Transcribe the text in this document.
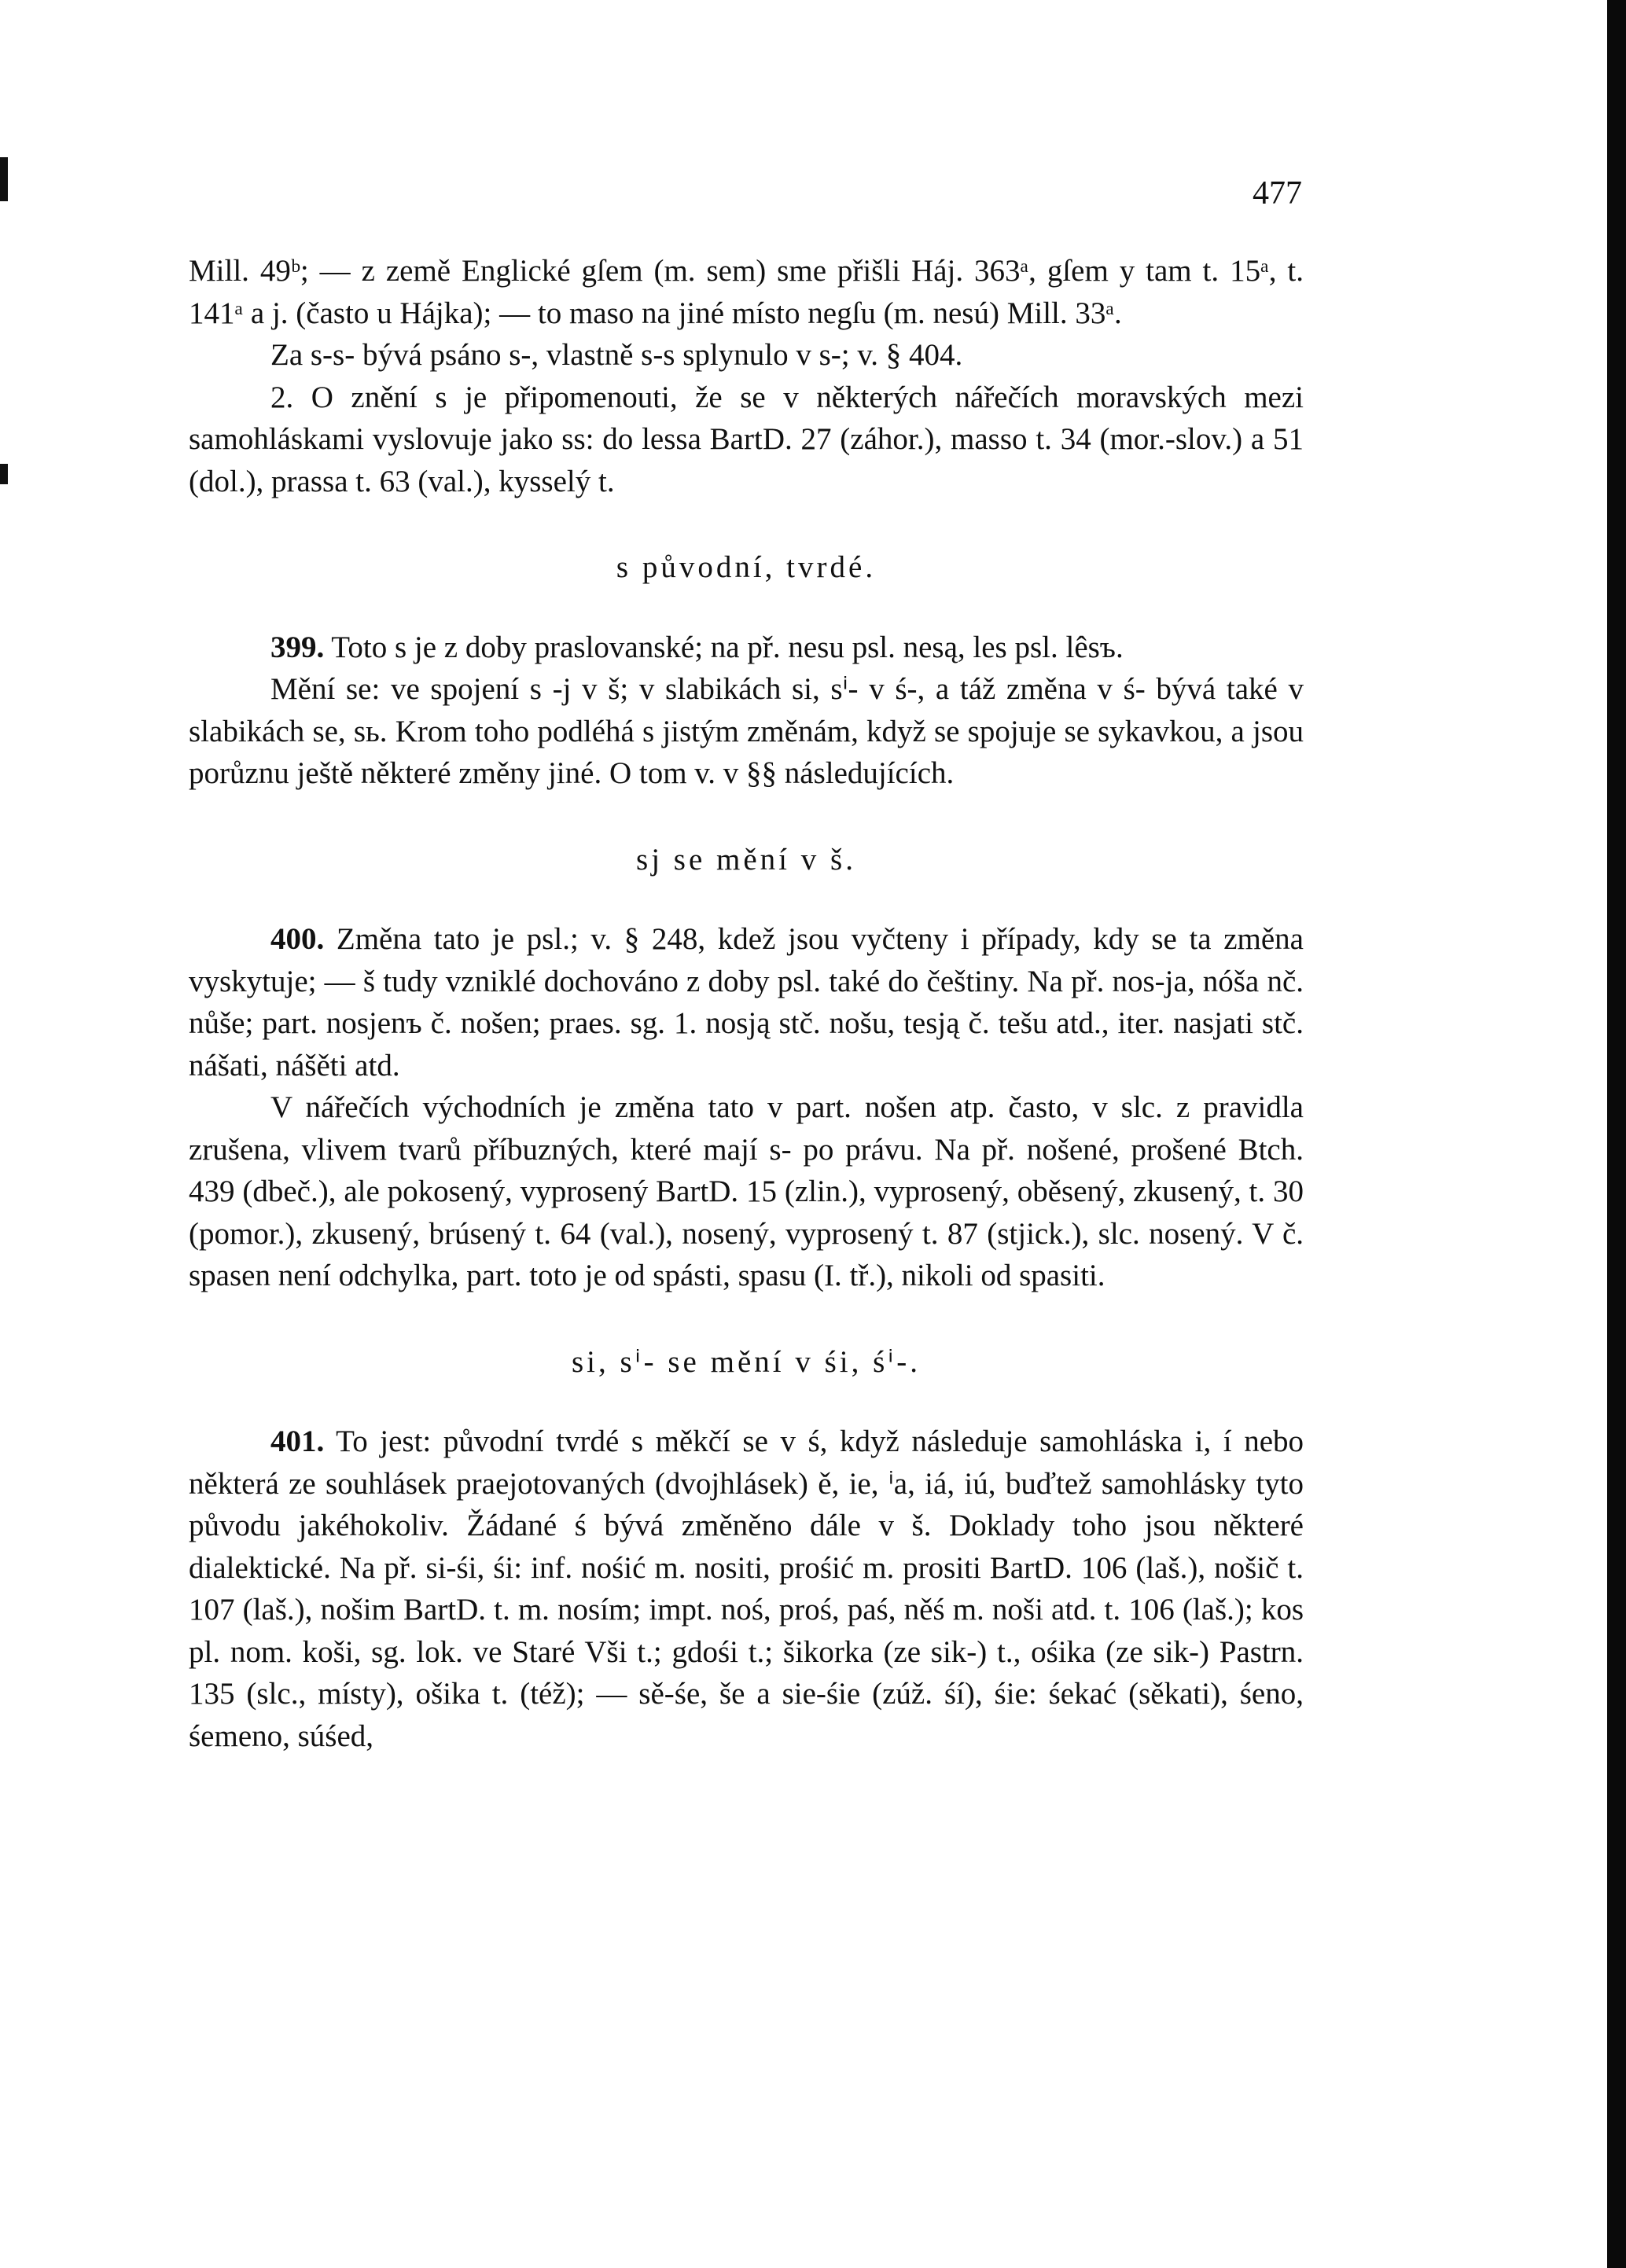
477

Mill. 49ᵇ; — z země Englické gſem (m. sem) sme přišli Háj. 363ᵃ, gſem y tam t. 15ᵃ, t. 141ᵃ a j. (často u Hájka); — to maso na jiné místo negſu (m. nesú) Mill. 33ᵃ.

Za s-s- bývá psáno s-, vlastně s-s splynulo v s-; v. § 404.

2. O znění s je připomenouti, že se v některých nářečích moravských mezi samohláskami vyslovuje jako ss: do lessa BartD. 27 (záhor.), masso t. 34 (mor.-slov.) a 51 (dol.), prassa t. 63 (val.), kysselý t.

s původní, tvrdé.

399. Toto s je z doby praslovanské; na př. nesu psl. nesą, les psl. lêsъ.

Mění se: ve spojení s -j v š; v slabikách si, sⁱ- v ś-, a táž změna v ś- bývá také v slabikách se, sь. Krom toho podléhá s jistým změnám, když se spojuje se sykavkou, a jsou porůznu ještě některé změny jiné. O tom v. v §§ následujících.

sj se mění v š.

400. Změna tato je psl.; v. § 248, kdež jsou vyčteny i případy, kdy se ta změna vyskytuje; — š tudy vzniklé dochováno z doby psl. také do češtiny. Na př. nos-ja, nóša nč. nůše; part. nosjenъ č. nošen; praes. sg. 1. nosją stč. nošu, tesją č. tešu atd., iter. nasjati stč. nášati, nášěti atd.

V nářečích východních je změna tato v part. nošen atp. často, v slc. z pravidla zrušena, vlivem tvarů příbuzných, které mají s- po právu. Na př. nošené, prošené Btch. 439 (dbeč.), ale pokosený, vyprosený BartD. 15 (zlin.), vyprosený, oběsený, zkusený, t. 30 (pomor.), zkusený, brúsený t. 64 (val.), nosený, vyprosený t. 87 (stjick.), slc. nosený. V č. spasen není odchylka, part. toto je od spásti, spasu (I. tř.), nikoli od spasiti.

si, sⁱ- se mění v śi, śⁱ-.

401. To jest: původní tvrdé s měkčí se v ś, když následuje samohláska i, í nebo některá ze souhlásek praejotovaných (dvojhlásek) ě, ie, ⁱa, iá, iú, buďtež samohlásky tyto původu jakéhokoliv. Žádané ś bývá změněno dále v š. Doklady toho jsou některé dialektické. Na př. si-śi, śi: inf. nośić m. nositi, prośić m. prositi BartD. 106 (laš.), nošič t. 107 (laš.), nošim BartD. t. m. nosím; impt. noś, proś, paś, něś m. noši atd. t. 106 (laš.); kos pl. nom. koši, sg. lok. ve Staré Vši t.; gdośi t.; šikorka (ze sik-) t., ośika (ze sik-) Pastrn. 135 (slc., místy), ošika t. (též); — sě-śe, še a sie-śie (zúž. śí), śie: śekać (sěkati), śeno, śemeno, súśed,
